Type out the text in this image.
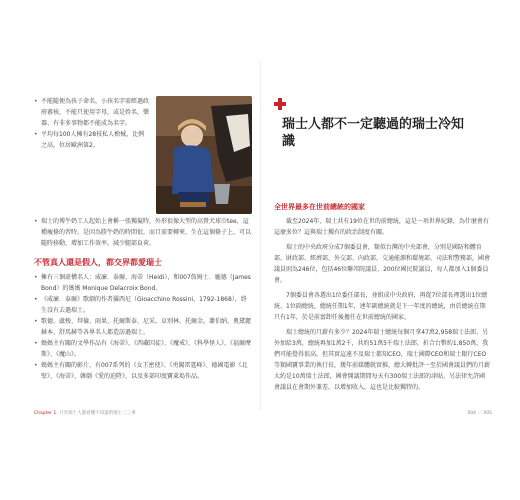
• 不能隨便為孩子命名，小孩名字需經過政府審核，不能只使用字母，或是姓名、樂器、有非多事物都不能成為名字。
• 平均每100人擁有28枝私人槍械，比例之高，位居歐洲第2。
• 瑞士的博牛奶工人起始上會稱一張獨髮時，外形很像大型的高貴犬球巾tee，這種瘦條的習時，是因為勝牛奶的時間很，而且需要轉來，生在這個條子上，可以隨時移動，增加工作效率，減少腿部負荷。
不管真人還是假人，都交界都愛瑞士
• 擁有三個虛構名人：威廉．泰爾、海蒂（Heidi），和007詹姆士．龐德（James Bond）的媽媽 Monique Delacroix Bond。
• 《威廉．泰爾》歌劇的作者羅西尼（Gioacchino Rossini，1792-1868），終生沒有去過瑞士。
• 歌德、盧梭、拜倫、雨果、托爾斯泰、尼采、卓別林、托爾金，蕭伯納、奧黛麗赫本、舒馬赫等各界名人都造訪過瑞士。
• 媽媽主有關的文學作品有《海蒂》、《西藏囚徒》、《魔戒》、《科學怪人》、《福爾摩斯》、《魔山》。
• 媽媽主有關的影片，有007系列的《女王密使》、《勇闖雷霆峰》、德國電影《北壁》、《海蒂》、韓劇《愛的迫降》，以及多部印度寶萊塢作品。
Chapter 1. 只有瑞士人都看懂不知道的瑞士二三事
瑞士人都不一定聽過的瑞士冷知識
全世界最多在世前總統的國家

截至2024年，瑞士共有19位在世的前總統，這是一項世界紀錄，為什麼會有這麼多位？這與瑞士獨有的政治制度有關。

瑞士的中央政府分成7個委員會，類似台灣的中央部會，分別是國防和體育部、財政部、經濟部、外交部、內政部、交通能源和環境部、司法和警務部，國會議員則為246位，包括46位聯邦院議員、200位國民院議員，每人都加入1個委員會。

7個委員會各選出1位委任部長，並組成中央政府，再從7位部長裡選出1位總統、1位副總統，總統任期1年，連年副總統就是下一年度的總統，由於總統在期只有1年，於是前富卸任後擔任在世前總統的國家。

瑞士總統的月薪有多少？2024年瑞士總統每個月拿47萬2,958瑞士法郎，另外加給3萬，總統再加1萬2千，共約51萬5千瑞士法郎，折合台幣約1,850萬，我們可能覺得很高，但其實這遠不及瑞士都知CEO，瑞士國際CEO和瑞士銀行CEO等類國寶事業的執行長，幾年前媒體就實推，總大轉批評一至於國會議員們的月薪大約是10萬瑞士法郎，國會開議期間每天有300瑞士法郎的津貼，另法律允許國會議員在會期外兼差，以增加收入，這也是比較獨特的。

004 ／ 005
